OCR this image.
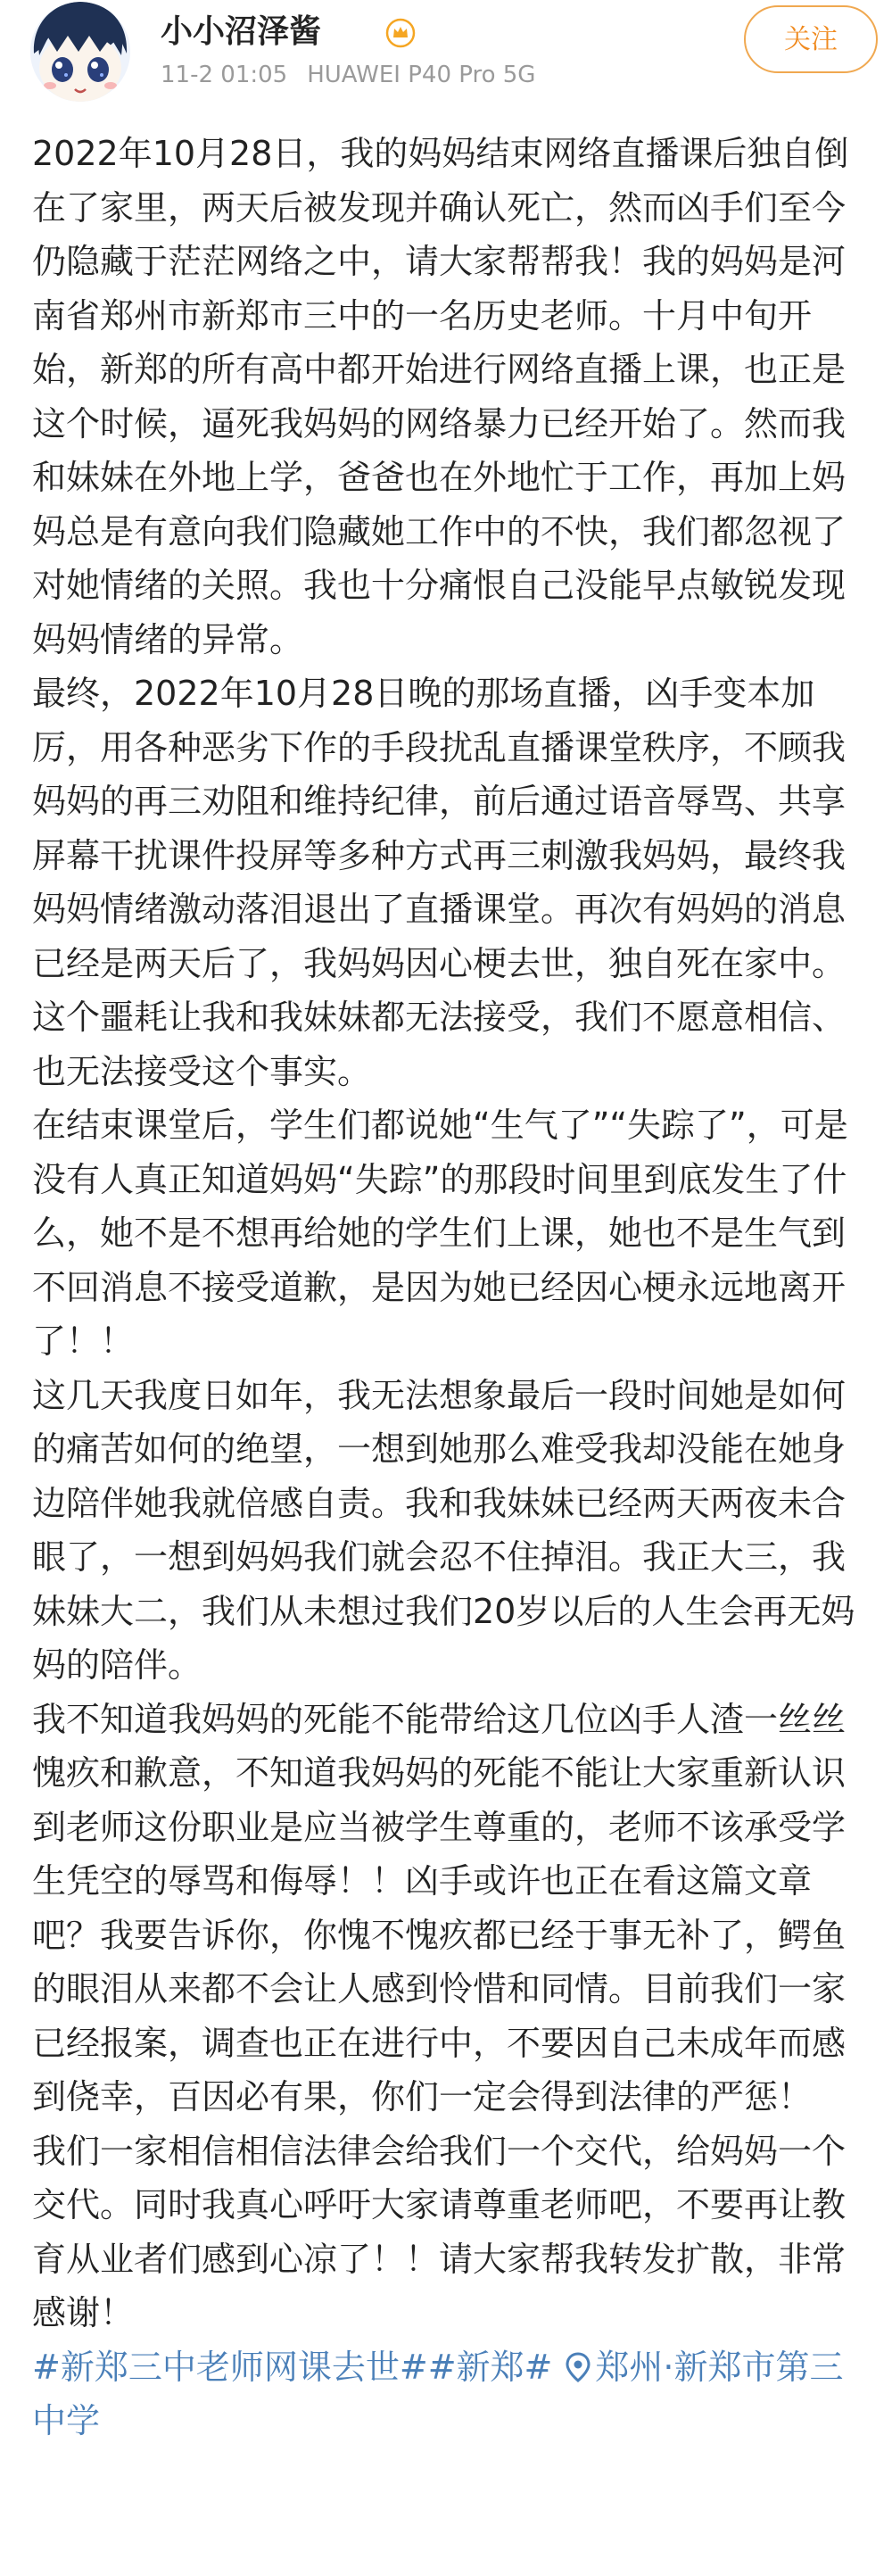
小小沼泽酱
11-2 01:05 HUAWEI P40 Pro 5G
关注

2022年10月28日，我的妈妈结束网络直播课后独自倒在了家里，两天后被发现并确认死亡，然而凶手们至今仍隐藏于茫茫网络之中，请大家帮帮我！我的妈妈是河南省郑州市新郑市三中的一名历史老师。十月中旬开始，新郑的所有高中都开始进行网络直播上课，也正是这个时候，逼死我妈妈的网络暴力已经开始了。然而我和妹妹在外地上学，爸爸也在外地忙于工作，再加上妈妈总是有意向我们隐藏她工作中的不快，我们都忽视了对她情绪的关照。我也十分痛恨自己没能早点敏锐发现妈妈情绪的异常。

最终，2022年10月28日晚的那场直播，凶手变本加厉，用各种恶劣下作的手段扰乱直播课堂秩序，不顾我妈妈的再三劝阻和维持纪律，前后通过语音辱骂、共享屏幕干扰课件投屏等多种方式再三刺激我妈妈，最终我妈妈情绪激动落泪退出了直播课堂。再次有妈妈的消息已经是两天后了，我妈妈因心梗去世，独自死在家中。这个噩耗让我和我妹妹都无法接受，我们不愿意相信、也无法接受这个事实。

在结束课堂后，学生们都说她“生气了”“失踪了”，可是没有人真正知道妈妈“失踪”的那段时间里到底发生了什么，她不是不想再给她的学生们上课，她也不是生气到不回消息不接受道歉，是因为她已经因心梗永远地离开了！！

这几天我度日如年，我无法想象最后一段时间她是如何的痛苦如何的绝望，一想到她那么难受我却没能在她身边陪伴她我就倍感自责。我和我妹妹已经两天两夜未合眼了，一想到妈妈我们就会忍不住掉泪。我正大三，我妹妹大二，我们从未想过我们20岁以后的人生会再无妈妈的陪伴。

我不知道我妈妈的死能不能带给这几位凶手人渣一丝丝愧疚和歉意，不知道我妈妈的死能不能让大家重新认识到老师这份职业是应当被学生尊重的，老师不该承受学生凭空的辱骂和侮辱！！凶手或许也正在看这篇文章吧？我要告诉你，你愧不愧疚都已经于事无补了，鳄鱼的眼泪从来都不会让人感到怜惜和同情。目前我们一家已经报案，调查也正在进行中，不要因自己未成年而感到侥幸，百因必有果，你们一定会得到法律的严惩！

我们一家相信相信法律会给我们一个交代，给妈妈一个交代。同时我真心呼吁大家请尊重老师吧，不要再让教育从业者们感到心凉了！！请大家帮我转发扩散，非常感谢！

#新郑三中老师网课去世##新郑# 郑州·新郑市第三中学
